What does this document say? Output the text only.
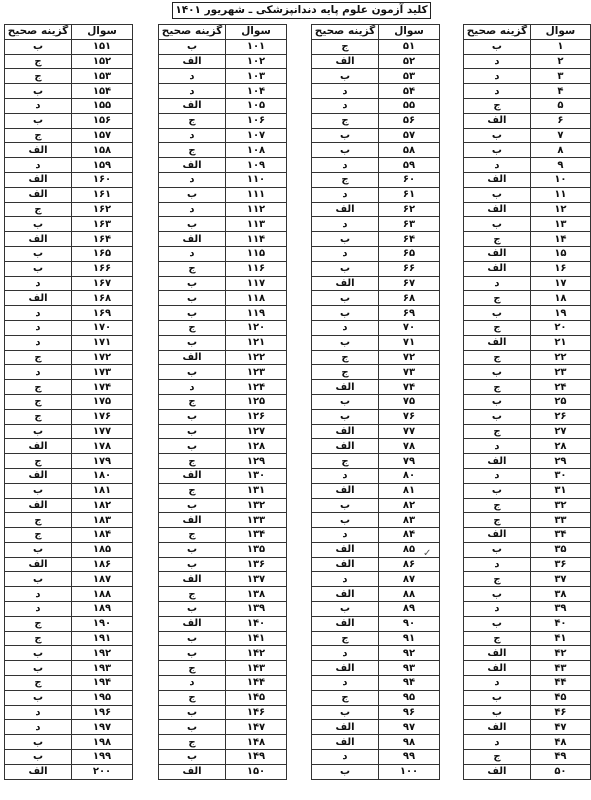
کلید آزمون علوم پایه دندانپزشکی ـ شهریور ۱۴۰۱
سوال	گزینه صحیح
۱	ب
۲	د
۳	د
۴	د
۵	ج
۶	الف
۷	ب
۸	ب
۹	د
۱۰	الف
۱۱	ب
۱۲	الف
۱۳	ب
۱۴	ج
۱۵	الف
۱۶	الف
۱۷	د
۱۸	ج
۱۹	ب
۲۰	ج
۲۱	الف
۲۲	ج
۲۳	ب
۲۴	ج
۲۵	ب
۲۶	ب
۲۷	ج
۲۸	د
۲۹	الف
۳۰	د
۳۱	ب
۳۲	ج
۳۳	ج
۳۴	الف
۳۵	ب
۳۶	د
۳۷	ج
۳۸	ب
۳۹	د
۴۰	ب
۴۱	ج
۴۲	الف
۴۳	الف
۴۴	د
۴۵	ب
۴۶	ب
۴۷	الف
۴۸	د
۴۹	ج
۵۰	الف
سوال	گزینه صحیح
۵۱	ج
۵۲	الف
۵۳	ب
۵۴	د
۵۵	د
۵۶	ج
۵۷	ب
۵۸	ب
۵۹	د
۶۰	ج
۶۱	د
۶۲	الف
۶۳	د
۶۴	ب
۶۵	د
۶۶	ب
۶۷	الف
۶۸	ب
۶۹	ب
۷۰	د
۷۱	ب
۷۲	ج
۷۳	ج
۷۴	الف
۷۵	ب
۷۶	ب
۷۷	الف
۷۸	الف
۷۹	ج
۸۰	د
۸۱	الف
۸۲	ب
۸۳	ب
۸۴	د
۸۵	الف
۸۶	الف
۸۷	د
۸۸	الف
۸۹	ب
۹۰	الف
۹۱	ج
۹۲	د
۹۳	الف
۹۴	د
۹۵	ج
۹۶	ب
۹۷	الف
۹۸	الف
۹۹	د
۱۰۰	ب
سوال	گزینه صحیح
۱۰۱	ب
۱۰۲	الف
۱۰۳	د
۱۰۴	د
۱۰۵	الف
۱۰۶	ج
۱۰۷	د
۱۰۸	ج
۱۰۹	الف
۱۱۰	د
۱۱۱	ب
۱۱۲	د
۱۱۳	ب
۱۱۴	الف
۱۱۵	د
۱۱۶	ج
۱۱۷	ب
۱۱۸	ب
۱۱۹	ب
۱۲۰	ج
۱۲۱	ب
۱۲۲	الف
۱۲۳	ب
۱۲۴	د
۱۲۵	ج
۱۲۶	ب
۱۲۷	ب
۱۲۸	ب
۱۲۹	ج
۱۳۰	الف
۱۳۱	ج
۱۳۲	ب
۱۳۳	الف
۱۳۴	ج
۱۳۵	ب
۱۳۶	ب
۱۳۷	الف
۱۳۸	ج
۱۳۹	ب
۱۴۰	الف
۱۴۱	ب
۱۴۲	ب
۱۴۳	ج
۱۴۴	د
۱۴۵	ج
۱۴۶	ب
۱۴۷	ب
۱۴۸	ج
۱۴۹	ب
۱۵۰	الف
سوال	گزینه صحیح
۱۵۱	ب
۱۵۲	ج
۱۵۳	ج
۱۵۴	ب
۱۵۵	د
۱۵۶	ب
۱۵۷	ج
۱۵۸	الف
۱۵۹	د
۱۶۰	الف
۱۶۱	الف
۱۶۲	ج
۱۶۳	ب
۱۶۴	الف
۱۶۵	ب
۱۶۶	ب
۱۶۷	د
۱۶۸	الف
۱۶۹	د
۱۷۰	د
۱۷۱	د
۱۷۲	ج
۱۷۳	د
۱۷۴	ج
۱۷۵	ج
۱۷۶	ج
۱۷۷	ب
۱۷۸	الف
۱۷۹	ج
۱۸۰	الف
۱۸۱	ب
۱۸۲	الف
۱۸۳	ج
۱۸۴	ج
۱۸۵	ب
۱۸۶	الف
۱۸۷	ب
۱۸۸	د
۱۸۹	د
۱۹۰	ج
۱۹۱	ج
۱۹۲	ب
۱۹۳	ب
۱۹۴	ج
۱۹۵	ب
۱۹۶	د
۱۹۷	د
۱۹۸	ب
۱۹۹	ب
۲۰۰	الف
✓
